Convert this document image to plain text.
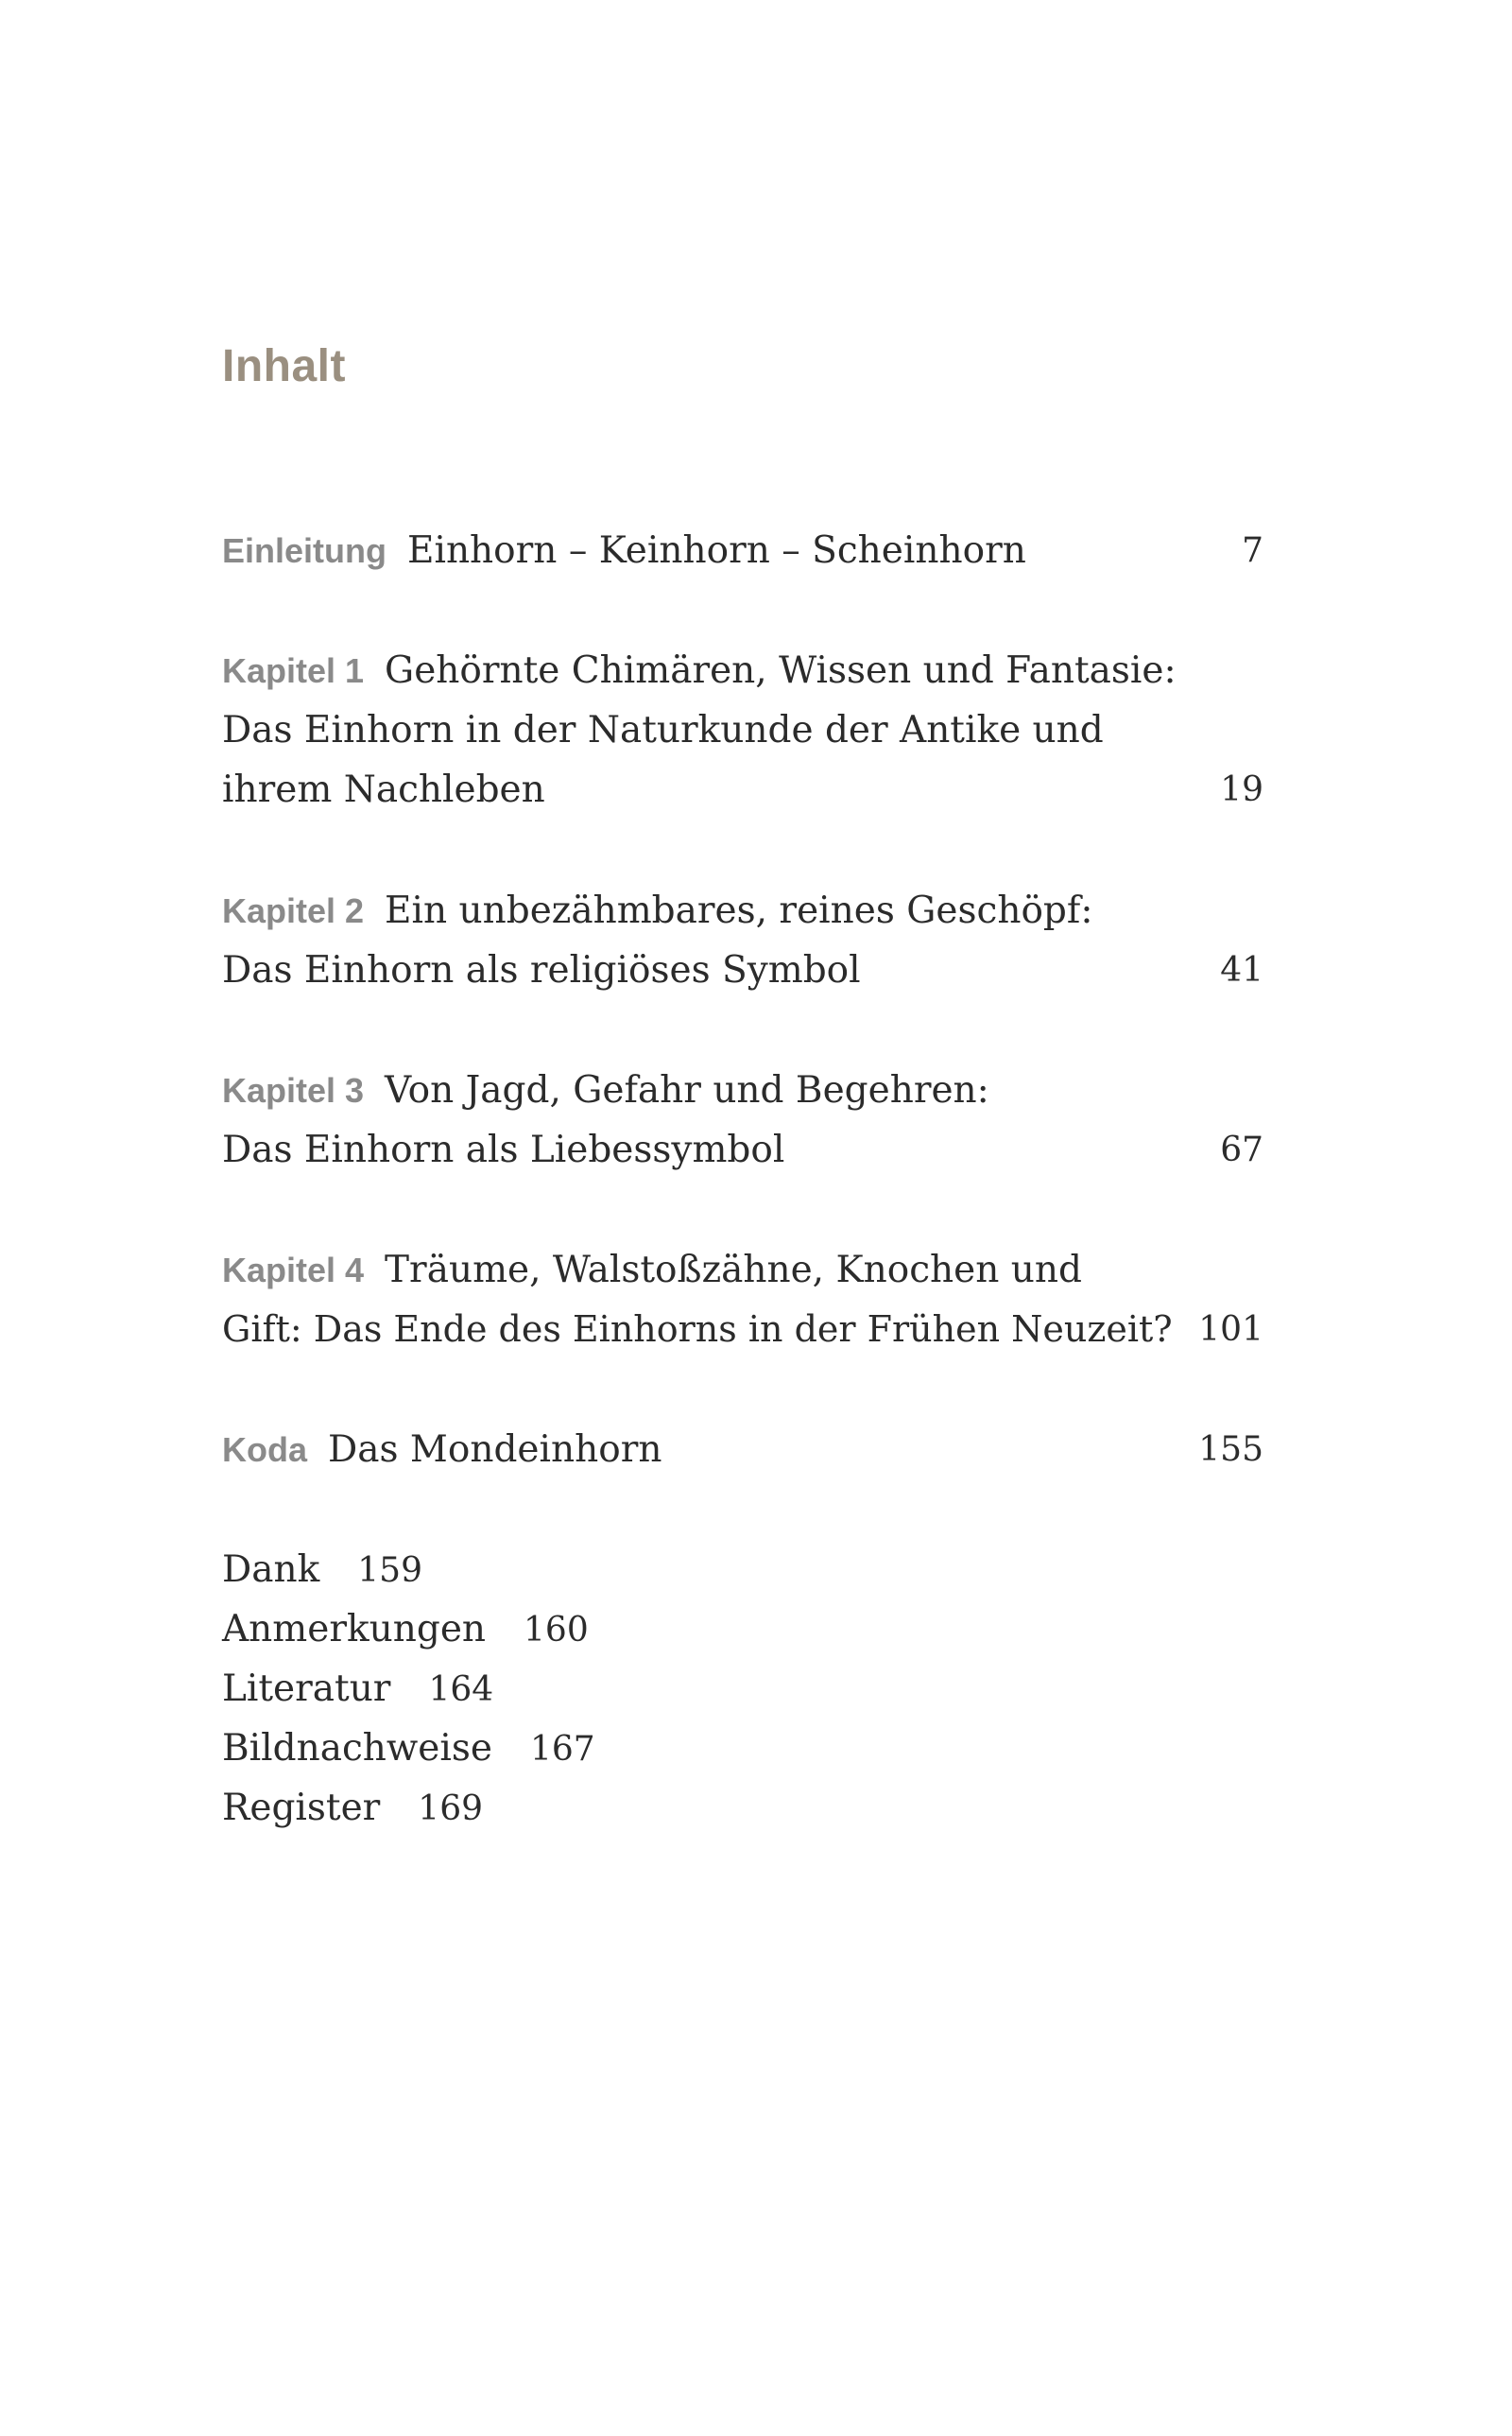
Inhalt
Einleitung Einhorn – Keinhorn – Scheinhorn	7
Kapitel 1 Gehörnte Chimären, Wissen und Fantasie:
Das Einhorn in der Naturkunde der Antike und
ihrem Nachleben	19
Kapitel 2 Ein unbezähmbares, reines Geschöpf:
Das Einhorn als religiöses Symbol	41
Kapitel 3 Von Jagd, Gefahr und Begehren:
Das Einhorn als Liebessymbol	67
Kapitel 4 Träume, Walstoßzähne, Knochen und
Gift: Das Ende des Einhorns in der Frühen Neuzeit? 101
Koda Das Mondeinhorn	155
Dank 159
Anmerkungen 160
Literatur 164
Bildnachweise 167
Register 169
